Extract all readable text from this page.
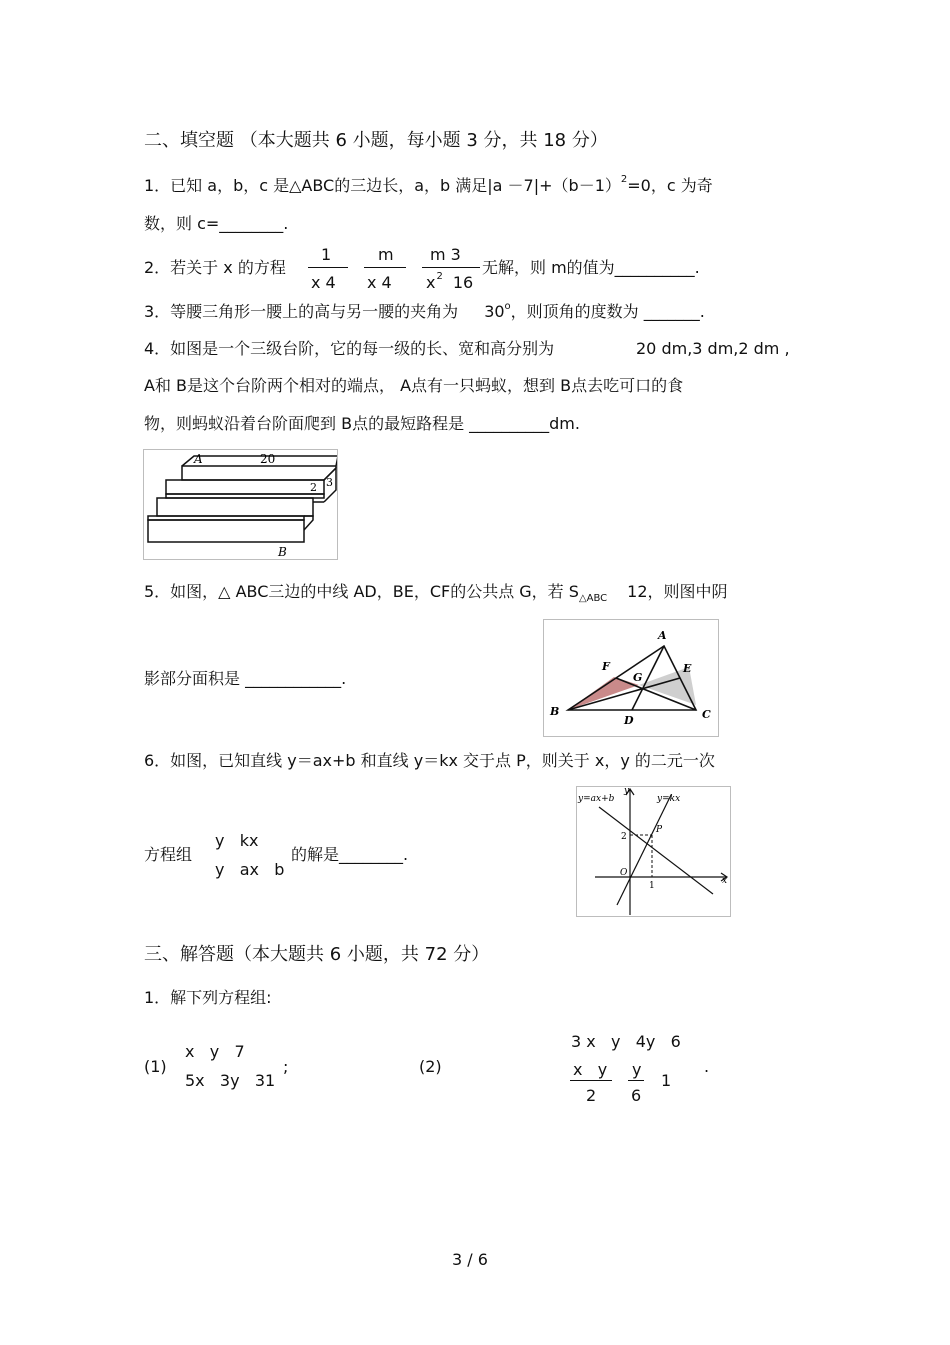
二、填空题 （本大题共 6 小题，每小题 3 分，共 18 分）
1．已知 a，b，c 是△ABC的三边长，a，b 满足$|a -7|+(b-1)^2=0$，c 为奇
数，则 c=________.
2．若关于 x 的方程
1
x 4
m
x 4
m 3
$x^2$ 16
无解，则 m的值为__________.
3．等腰三角形一腰上的高与另一腰的夹角为 30$^o$，则顶角的度数为 _______.
4．如图是一个三级台阶，它的每一级的长、宽和高分别为	20 dm,3 dm,2 dm ,
A和 B是这个台阶两个相对的端点， A点有一只蚂蚁，想到 B点去吃可口的食
物，则蚂蚁沿着台阶面爬到 B点的最短路程是 __________dm.
A	20
2 3
B
5．如图，△ ABC三边的中线 AD，BE，CF的公共点 G，若 $S_{\triangle ABC}$ 12，则图中阴
影部分面积是 ____________.
A
B	C
D
E
F
G
6．如图，已知直线 y＝ax+b 和直线 y＝kx 交于点 P，则关于 x，y 的二元一次
方程组
y   kx
y   ax   b
的解是________.
y=ax+b	y=kx
y
x
2
1
O
P
三、解答题（本大题共 6 小题，共 72 分）
1．解下列方程组:
(1)
x   y   7
5x   3y   31
;	(2)
3 x   y   4y   6
x   y
2
y
6
1
.
3 / 6
